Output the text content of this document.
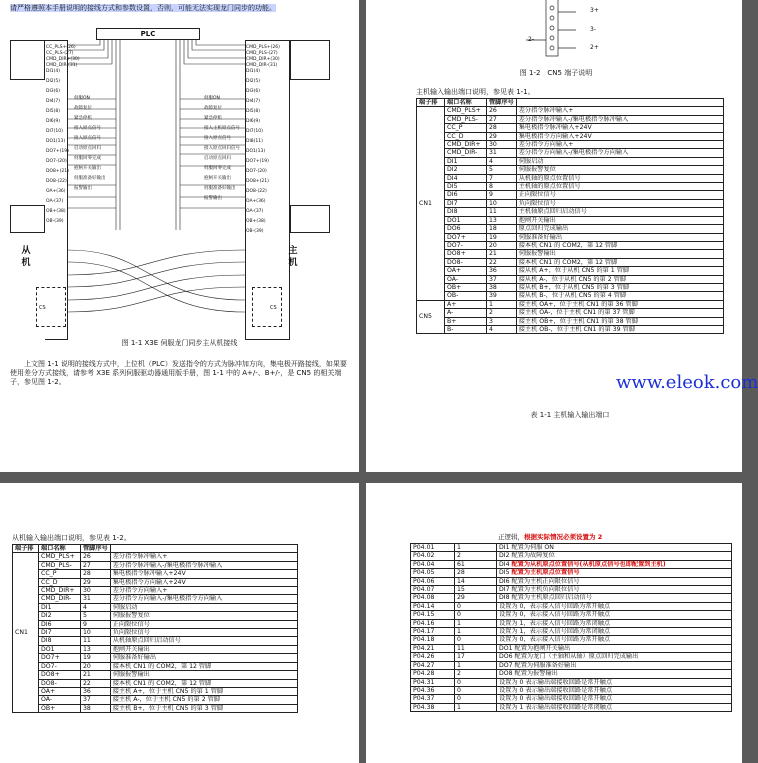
请严格遵照本手册说明的接线方式和参数设置，否则，可能无法实现龙门同步的功能。
PLC
从机
CS
主机
CS
CC_PLS+(26)
CC_PLS-(27)
CMD_DIR+(30)
CMD_DIR-(31)
DI1(4)
DI2(5)
DI3(6)
DI4(7)
DI5(8)
DI6(9)
DI7(10)
DO1(13)
DO7+(19)
DO7-(20)
DO8+(21)
DO8-(22)
OA+(36)
OA-(37)
OB+(38)
OB-(39)
CMD_PLS+(26)
CMD_PLS-(27)
CMD_DIR+(30)
CMD_DIR-(31)
DI1(4)
DI2(5)
DI3(6)
DI4(7)
DI5(8)
DI6(9)
DI7(10)
DI8(11)
DO1(13)
DO7+(19)
DO7-(20)
DO8+(21)
DO8-(22)
OA+(36)
OA-(37)
OB+(38)
OB-(39)
伺服ON
故障复位
紧急停机
接入原点信号
接入原点信号
启动原点回归
伺服回零完成
抱闸开关输出
伺服准备好输出
报警输出
伺服ON
故障复位
紧急停机
接入主机原点信号
接入原点信号
接入原点回归信号
启动原点回归
伺服回零完成
抱闸开关输出
伺服准备好输出
报警输出
图 1-1 X3E 伺服龙门同步主从机接线
上文图 1-1 说明的接线方式中，上位机（PLC）发送指令的方式为脉冲加方向，集电极开路接线，如果要使用差分方式接线，请参考 X3E 系列伺服驱动器通用版手册，图 1-1 中的 A+/-、B+/-，是 CN5 的相关端子，参见图 1-2。
3+
3-
2+
2-
图 1-2　CN5 端子说明
主机输入输出端口说明，参见表 1-1。
端子排	端口名称	管脚序号	
CN1	CMD_PLS+	26	差分指令脉冲输入+
	CMD_PLS-	27	差分指令脉冲输入-/集电极指令脉冲输入
	CC_P	28	集电极指令脉冲输入+24V
	CC_D	29	集电极指令方向输入+24V
	CMD_DIR+	30	差分指令方向输入+
	CMD_DIR-	31	差分指令方向输入-/集电极指令方向输入
	DI1	4	伺服启动
	DI2	5	伺服报警复位
	DI4	7	从机轴的原点位置信号
	DI5	8	主机轴的原点位置信号
	DI6	9	正向限位信号
	DI7	10	负向限位信号
	DI8	11	主机轴原点回归启动信号
	DO1	13	抱闸开关输出
	DO6	18	原点回归完成输出
	DO7+	19	伺服准备好输出
	DO7-	20	接本机 CN1 的 COM2，第 12 管脚
	DO8+	21	伺服报警输出
	DO8-	22	接本机 CN1 的 COM2，第 12 管脚
	OA+	36	接从机 A+，位于从机 CN5 的第 1 管脚
	OA-	37	接从机 A-，位于从机 CN5 的第 2 管脚
	OB+	38	接从机 B+，位于从机 CN5 的第 3 管脚
	OB-	39	接从机 B-，位于从机 CN5 的第 4 管脚
CN5	A+	1	接主机 OA+，位于主机 CN1 的第 36 管脚
	A-	2	接主机 OA-，位于主机 CN1 的第 37 管脚
	B+	3	接主机 OB+，位于主机 CN1 的第 38 管脚
	B-	4	接主机 OB-，位于主机 CN1 的第 39 管脚
表 1-1 主机输入输出端口
www.eleok.com
从机输入输出端口说明，参见表 1-2。
端子排	端口名称	管脚序号	
CN1	CMD_PLS+	26	差分指令脉冲输入+
	CMD_PLS-	27	差分指令脉冲输入-/集电极指令脉冲输入
	CC_P	28	集电极指令脉冲输入+24V
	CC_D	29	集电极指令方向输入+24V
	CMD_DIR+	30	差分指令方向输入+
	CMD_DIR-	31	差分指令方向输入-/集电极指令方向输入
	DI1	4	伺服启动
	DI2	5	伺服报警复位
	DI6	9	正向限位信号
	DI7	10	负向限位信号
	DI8	11	从机轴原点回归启动信号
	DO1	13	抱闸开关输出
	DO7+	19	伺服准备好输出
	DO7-	20	接本机 CN1 的 COM2，第 12 管脚
	DO8+	21	伺服报警输出
	DO8-	22	接本机 CN1 的 COM2，第 12 管脚
	OA+	36	接主机 A+，位于主机 CN5 的第 1 管脚
	OA-	37	接主机 A-，位于主机 CN5 的第 2 管脚
	OB+	38	接主机 B+，位于主机 CN5 的第 3 管脚
正逻辑，根据实际情况必须设置为 2
P04.01	1	DI1 配置为伺服 ON
P04.02	2	DI2 配置为故障复位
P04.04	61	DI4 配置为从机原点位置信号(从机原点信号也即配置到主机)
P04.05	28	DI5 配置为主机原点位置信号
P04.06	14	DI6 配置为主机正向限位信号
P04.07	15	DI7 配置为主机负向限位信号
P04.08	29	DI8 配置为主机原点回归启动信号
P04.14	0	设置为 0，表示接入信号回路为常开触点
P04.15	0	设置为 0，表示接入信号回路为常开触点
P04.16	1	设置为 1，表示接入信号回路为常闭触点
P04.17	1	设置为 1，表示接入信号回路为常闭触点
P04.18	0	设置为 0，表示接入信号回路为常开触点
P04.21	11	DO1 配置为抱闸开关输出
P04.26	17	DO6 配置为龙门（主轴和从轴）原点回归完成输出
P04.27	1	DO7 配置为伺服准备好输出
P04.28	2	DO8 配置为报警输出
P04.31	0	设置为 0 表示输出端接收回路是常开触点
P04.36	0	设置为 0 表示输出端接收回路是常开触点
P04.37	0	设置为 0 表示输出端接收回路是常开触点
P04.38	1	设置为 1 表示输出端接收回路是常闭触点
